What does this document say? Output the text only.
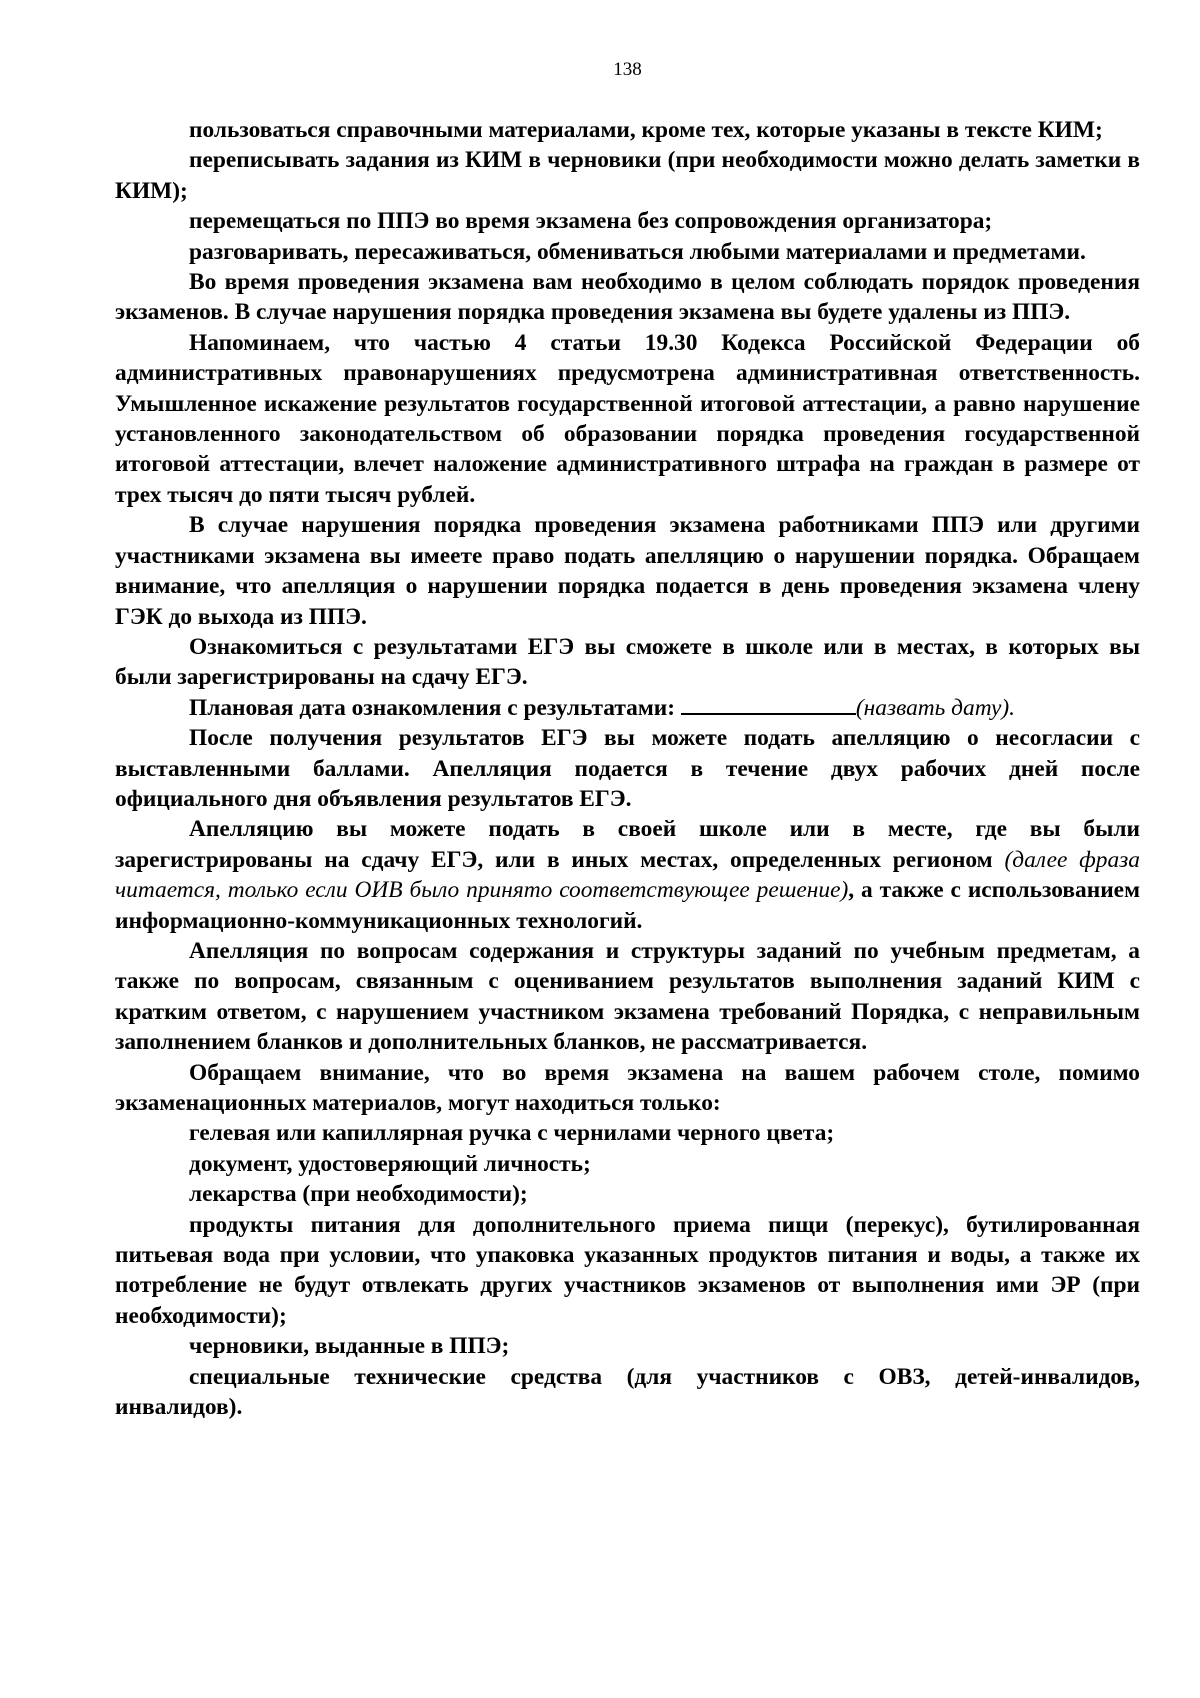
138

пользоваться справочными материалами, кроме тех, которые указаны в тексте КИМ;

переписывать задания из КИМ в черновики (при необходимости можно делать заметки в КИМ);

перемещаться по ППЭ во время экзамена без сопровождения организатора;

разговаривать, пересаживаться, обмениваться любыми материалами и предметами.

Во время проведения экзамена вам необходимо в целом соблюдать порядок проведения экзаменов. В случае нарушения порядка проведения экзамена вы будете удалены из ППЭ.

Напоминаем, что частью 4 статьи 19.30 Кодекса Российской Федерации об административных правонарушениях предусмотрена административная ответственность. Умышленное искажение результатов государственной итоговой аттестации, а равно нарушение установленного законодательством об образовании порядка проведения государственной итоговой аттестации, влечет наложение административного штрафа на граждан в размере от трех тысяч до пяти тысяч рублей.

В случае нарушения порядка проведения экзамена работниками ППЭ или другими участниками экзамена вы имеете право подать апелляцию о нарушении порядка. Обращаем внимание, что апелляция о нарушении порядка подается в день проведения экзамена члену ГЭК до выхода из ППЭ.

Ознакомиться с результатами ЕГЭ вы сможете в школе или в местах, в которых вы были зарегистрированы на сдачу ЕГЭ.

Плановая дата ознакомления с результатами:	(назвать дату).

После получения результатов ЕГЭ вы можете подать апелляцию о несогласии с выставленными баллами. Апелляция подается в течение двух рабочих дней после официального дня объявления результатов ЕГЭ.

Апелляцию вы можете подать в своей школе или в месте, где вы были зарегистрированы на сдачу ЕГЭ, или в иных местах, определенных регионом (далее фраза читается, только если ОИВ было принято соответствующее решение), а также с использованием информационно-коммуникационных технологий.

Апелляция по вопросам содержания и структуры заданий по учебным предметам, а также по вопросам, связанным с оцениванием результатов выполнения заданий КИМ с кратким ответом, с нарушением участником экзамена требований Порядка, с неправильным заполнением бланков и дополнительных бланков, не рассматривается.

Обращаем внимание, что во время экзамена на вашем рабочем столе, помимо экзаменационных материалов, могут находиться только:

гелевая или капиллярная ручка с чернилами черного цвета;

документ, удостоверяющий личность;

лекарства (при необходимости);

продукты питания для дополнительного приема пищи (перекус), бутилированная питьевая вода при условии, что упаковка указанных продуктов питания и воды, а также их потребление не будут отвлекать других участников экзаменов от выполнения ими ЭР (при необходимости);

черновики, выданные в ППЭ;

специальные технические средства (для участников с ОВЗ, детей-инвалидов, инвалидов).
